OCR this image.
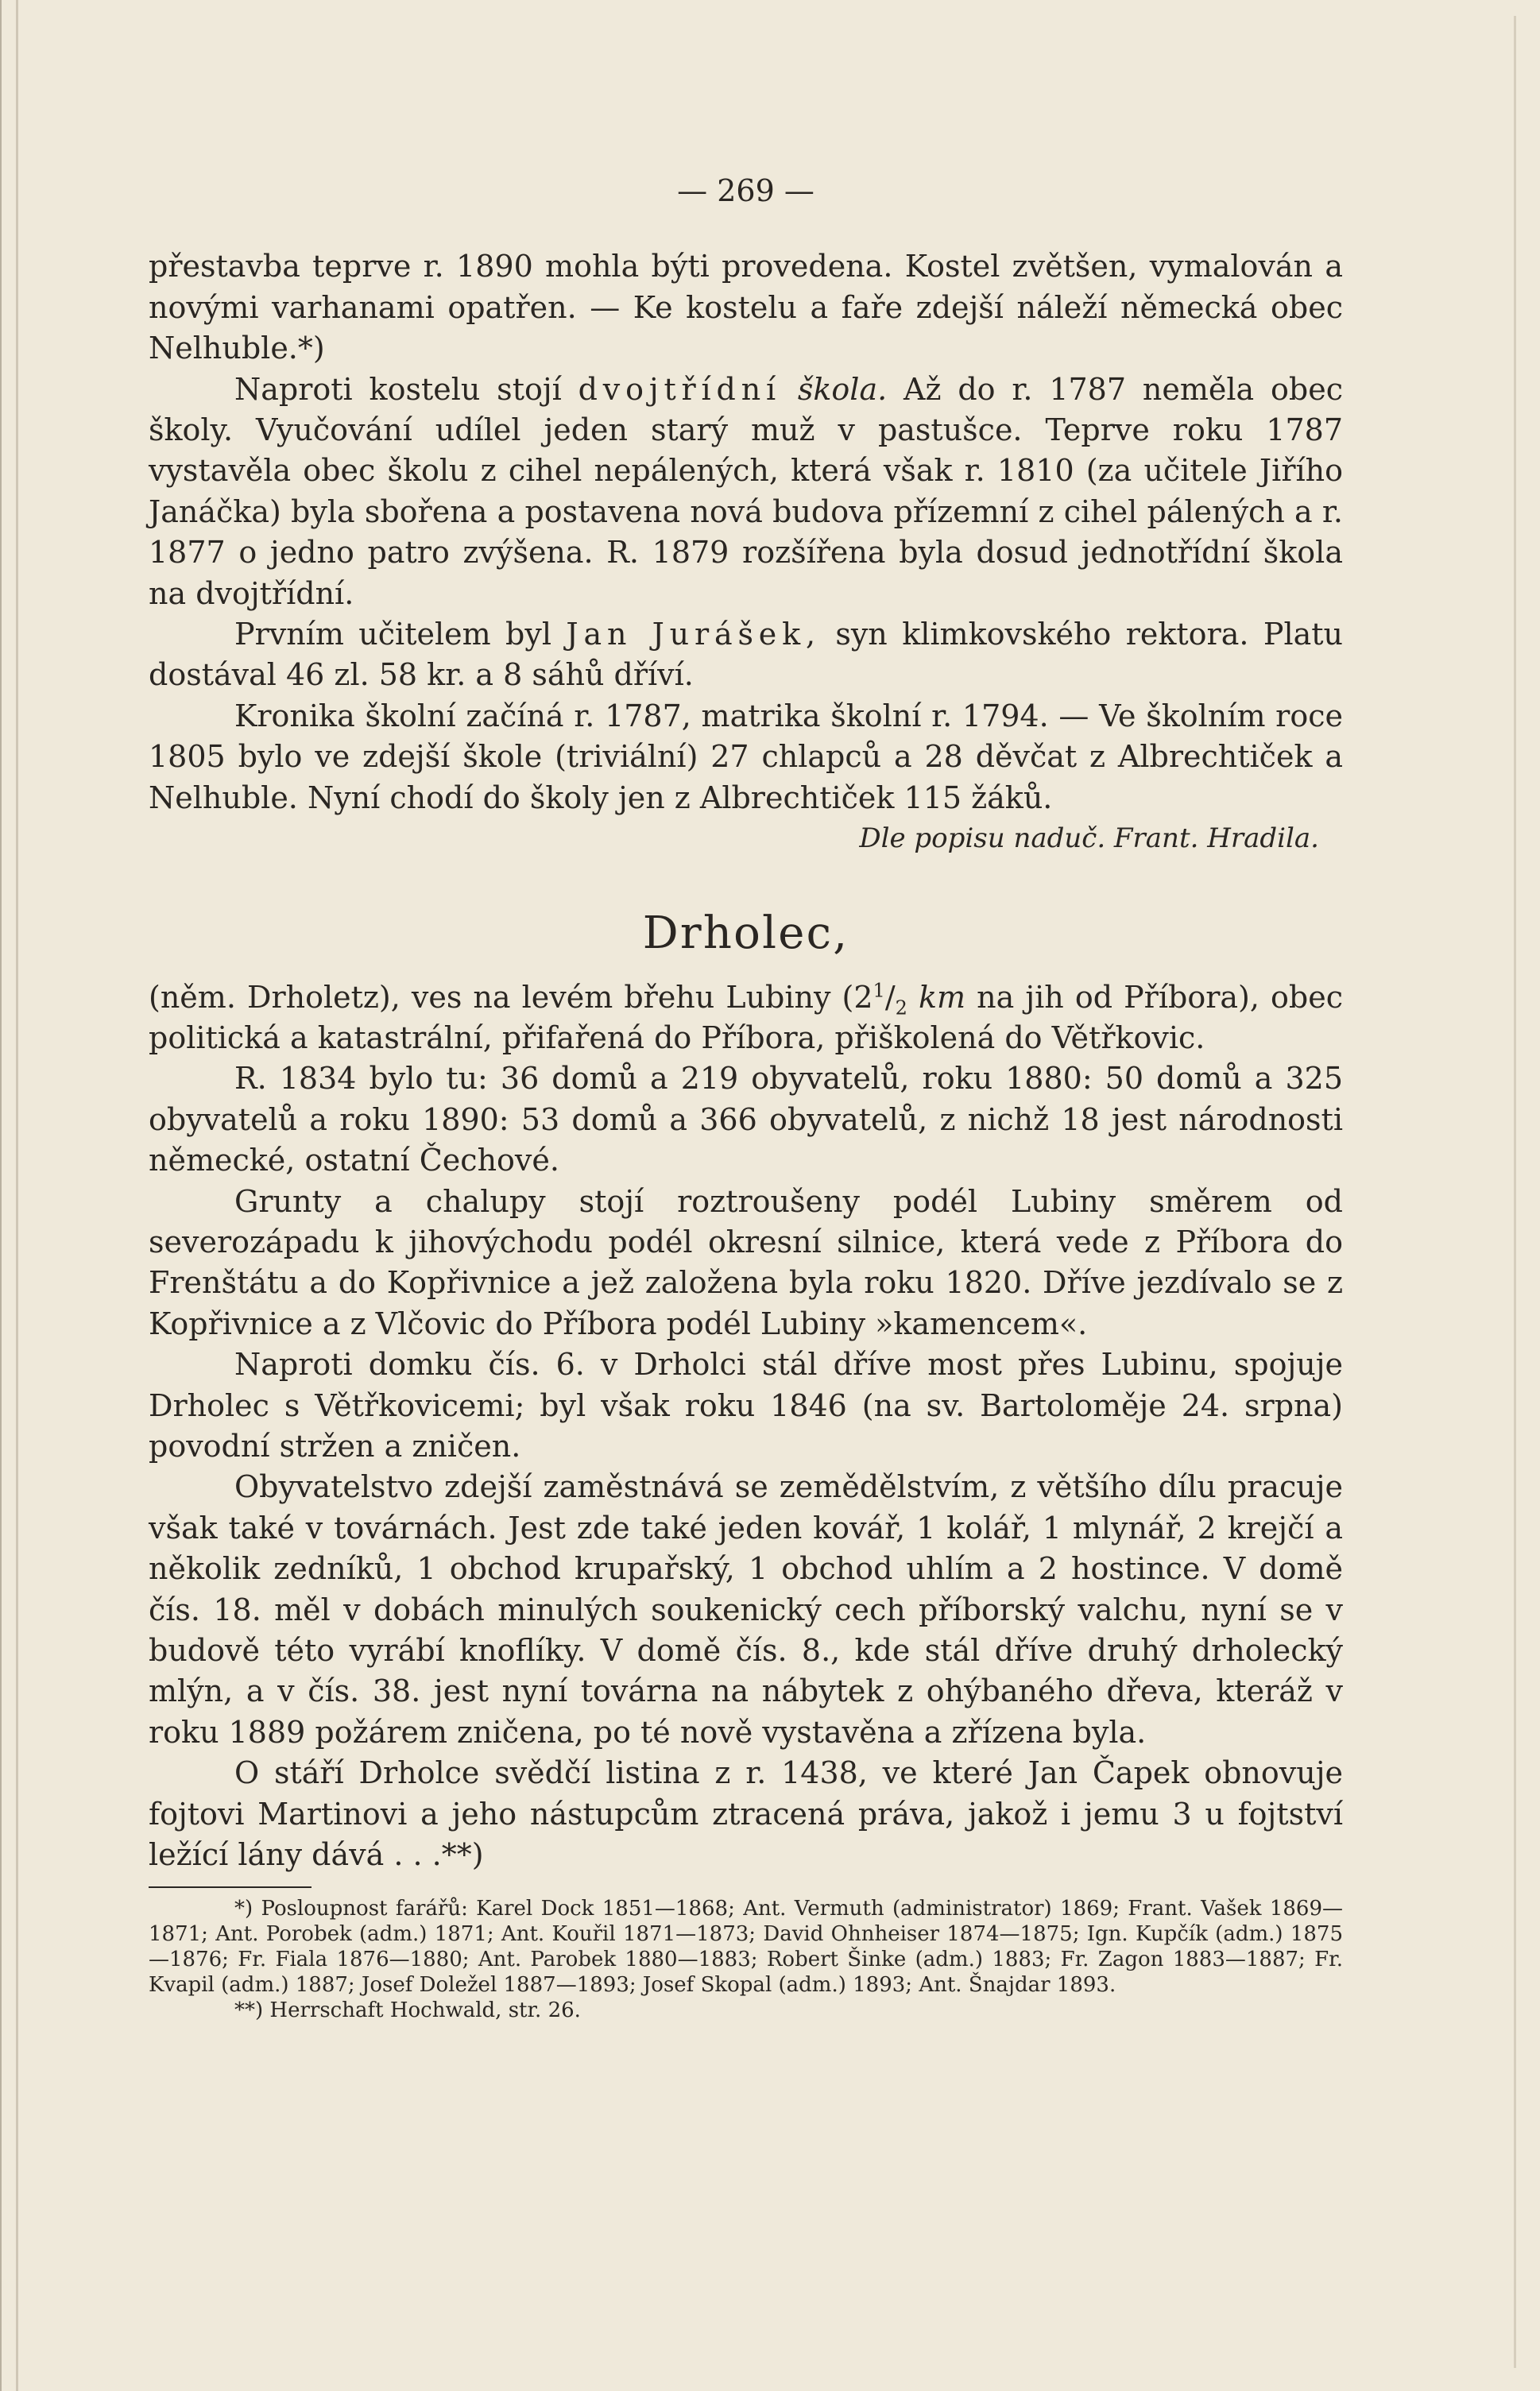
— 269 —

přestavba teprve r. 1890 mohla býti provedena. Kostel zvětšen, vymalován a novými varhanami opatřen. — Ke kostelu a faře zdejší náleží německá obec Nelhuble.*)

Naproti kostelu stojí dvojtřídní škola. Až do r. 1787 neměla obec školy. Vyučování udílel jeden starý muž v pastušce. Teprve roku 1787 vystavěla obec školu z cihel nepálených, která však r. 1810 (za učitele Jiřího Janáčka) byla sbořena a postavena nová budova přízemní z cihel pálených a r. 1877 o jedno patro zvýšena. R. 1879 rozšířena byla dosud jednotřídní škola na dvojtřídní.

Prvním učitelem byl Jan Jurášek, syn klimkovského rektora. Platu dostával 46 zl. 58 kr. a 8 sáhů dříví.

Kronika školní začíná r. 1787, matrika školní r. 1794. — Ve školním roce 1805 bylo ve zdejší škole (triviální) 27 chlapců a 28 děvčat z Albrechtiček a Nelhuble. Nyní chodí do školy jen z Albrechtiček 115 žáků.

Dle popisu naduč. Frant. Hradila.

Drholec,

(něm. Drholetz), ves na levém břehu Lubiny ($2^1/_2$ km na jih od Příbora), obec politická a katastrální, přifařená do Příbora, přiškolená do Větřkovic.

R. 1834 bylo tu: 36 domů a 219 obyvatelů, roku 1880: 50 domů a 325 obyvatelů a roku 1890: 53 domů a 366 obyvatelů, z nichž 18 jest národnosti německé, ostatní Čechové.

Grunty a chalupy stojí roztroušeny podél Lubiny směrem od severozápadu k jihovýchodu podél okresní silnice, která vede z Příbora do Frenštátu a do Kopřivnice a jež založena byla roku 1820. Dříve jezdívalo se z Kopřivnice a z Vlčovic do Příbora podél Lubiny »kamencem«.

Naproti domku čís. 6. v Drholci stál dříve most přes Lubinu, spojuje Drholec s Větřkovicemi; byl však roku 1846 (na sv. Bartoloměje 24. srpna) povodní stržen a zničen.

Obyvatelstvo zdejší zaměstnává se zemědělstvím, z většího dílu pracuje však také v továrnách. Jest zde také jeden kovář, 1 kolář, 1 mlynář, 2 krejčí a několik zedníků, 1 obchod krupařský, 1 obchod uhlím a 2 hostince. V domě čís. 18. měl v dobách minulých soukenický cech příborský valchu, nyní se v budově této vyrábí knoflíky. V domě čís. 8., kde stál dříve druhý drholecký mlýn, a v čís. 38. jest nyní továrna na nábytek z ohýbaného dřeva, kteráž v roku 1889 požárem zničena, po té nově vystavěna a zřízena byla.

O stáří Drholce svědčí listina z r. 1438, ve které Jan Čapek obnovuje fojtovi Martinovi a jeho nástupcům ztracená práva, jakož i jemu 3 u fojtství ležící lány dává . . .**)

*) Posloupnost farářů: Karel Dock 1851—1868; Ant. Vermuth (administrator) 1869; Frant. Vašek 1869—1871; Ant. Porobek (adm.) 1871; Ant. Kouřil 1871—1873; David Ohnheiser 1874—1875; Ign. Kupčík (adm.) 1875—1876; Fr. Fiala 1876—1880; Ant. Parobek 1880—1883; Robert Šinke (adm.) 1883; Fr. Zagon 1883—1887; Fr. Kvapil (adm.) 1887; Josef Doležel 1887—1893; Josef Skopal (adm.) 1893; Ant. Šnajdar 1893.

**) Herrschaft Hochwald, str. 26.
